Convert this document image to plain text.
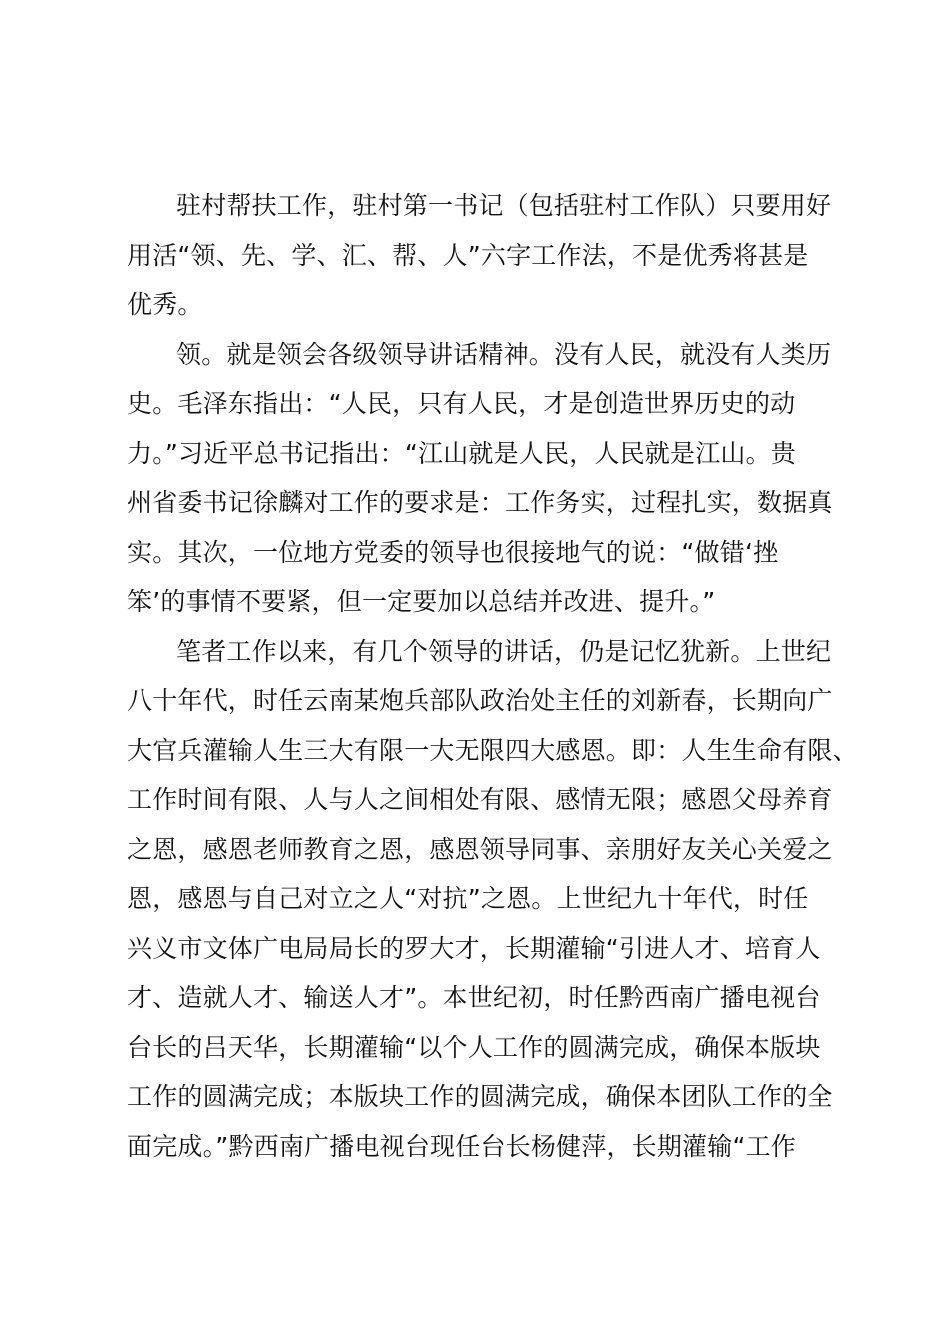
驻村帮扶工作，驻村第一书记（包括驻村工作队）只要用好
用活“领、先、学、汇、帮、人”六字工作法，不是优秀将甚是
优秀。
领。就是领会各级领导讲话精神。没有人民，就没有人类历
史。毛泽东指出：“人民，只有人民，才是创造世界历史的动
力。”习近平总书记指出：“江山就是人民，人民就是江山。贵
州省委书记徐麟对工作的要求是：工作务实，过程扎实，数据真
实。其次，一位地方党委的领导也很接地气的说：“做错‘挫
笨’的事情不要紧，但一定要加以总结并改进、提升。”
笔者工作以来，有几个领导的讲话，仍是记忆犹新。上世纪
八十年代，时任云南某炮兵部队政治处主任的刘新春，长期向广
大官兵灌输人生三大有限一大无限四大感恩。即：人生生命有限、
工作时间有限、人与人之间相处有限、感情无限；感恩父母养育
之恩，感恩老师教育之恩，感恩领导同事、亲朋好友关心关爱之
恩，感恩与自己对立之人“对抗”之恩。上世纪九十年代，时任
兴义市文体广电局局长的罗大才，长期灌输“引进人才、培育人
才、造就人才、输送人才”。本世纪初，时任黔西南广播电视台
台长的吕天华，长期灌输“以个人工作的圆满完成，确保本版块
工作的圆满完成；本版块工作的圆满完成，确保本团队工作的全
面完成。”黔西南广播电视台现任台长杨健萍，长期灌输“工作
